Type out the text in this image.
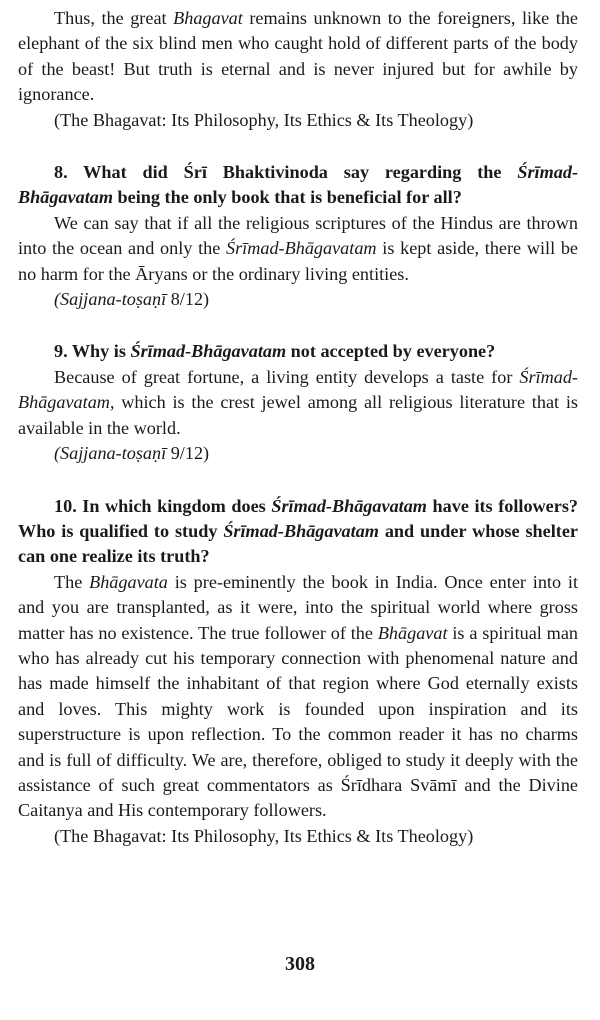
Thus, the great Bhagavat remains unknown to the foreigners, like the elephant of the six blind men who caught hold of different parts of the body of the beast! But truth is eternal and is never injured but for awhile by ignorance.

(The Bhagavat: Its Philosophy, Its Ethics & Its Theology)

8. What did Śrī Bhaktivinoda say regarding the Śrīmad-Bhāgavatam being the only book that is beneficial for all?

We can say that if all the religious scriptures of the Hindus are thrown into the ocean and only the Śrīmad-Bhāgavatam is kept aside, there will be no harm for the Āryans or the ordinary living entities.

(Sajjana-toṣaṇī 8/12)

9. Why is Śrīmad-Bhāgavatam not accepted by everyone?

Because of great fortune, a living entity develops a taste for Śrīmad-Bhāgavatam, which is the crest jewel among all religious literature that is available in the world.

(Sajjana-toṣaṇī 9/12)

10. In which kingdom does Śrīmad-Bhāgavatam have its followers? Who is qualified to study Śrīmad-Bhāgavatam and under whose shelter can one realize its truth?

The Bhāgavata is pre-eminently the book in India. Once enter into it and you are transplanted, as it were, into the spiritual world where gross matter has no existence. The true follower of the Bhāgavat is a spiritual man who has already cut his temporary connection with phenomenal nature and has made himself the inhabitant of that region where God eternally exists and loves. This mighty work is founded upon inspiration and its superstructure is upon reflection. To the common reader it has no charms and is full of difficulty. We are, therefore, obliged to study it deeply with the assistance of such great commentators as Śrīdhara Svāmī and the Divine Caitanya and His contemporary followers.

(The Bhagavat: Its Philosophy, Its Ethics & Its Theology)

308
